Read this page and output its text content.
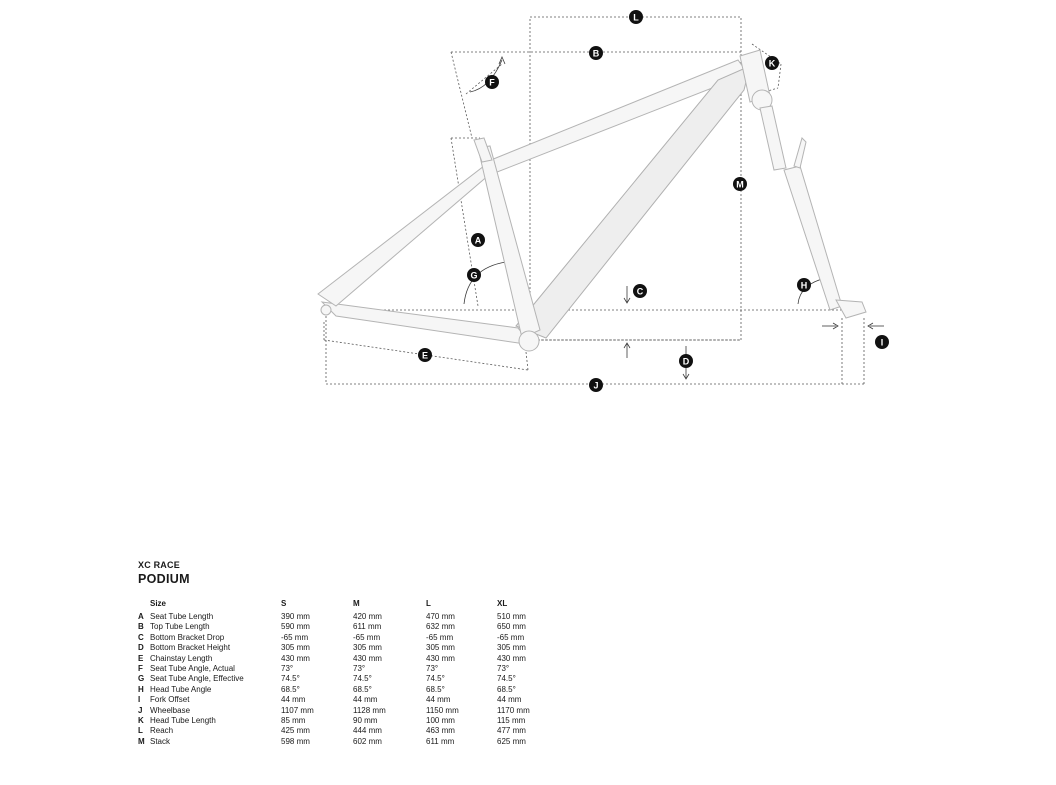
A
B
C
D
E
F
G
H
I
J
K
L
M
XC RACE
PODIUM
	Size	S	M	L	XL
A	Seat Tube Length	390 mm	420 mm	470 mm	510 mm
B	Top Tube Length	590 mm	611 mm	632 mm	650 mm
C	Bottom Bracket Drop	-65 mm	-65 mm	-65 mm	-65 mm
D	Bottom Bracket Height	305 mm	305 mm	305 mm	305 mm
E	Chainstay Length	430 mm	430 mm	430 mm	430 mm
F	Seat Tube Angle, Actual	73°	73°	73°	73°
G	Seat Tube Angle, Effective	74.5°	74.5°	74.5°	74.5°
H	Head Tube Angle	68.5°	68.5°	68.5°	68.5°
I	Fork Offset	44 mm	44 mm	44 mm	44 mm
J	Wheelbase	1107 mm	1128 mm	1150 mm	1170 mm
K	Head Tube Length	85 mm	90 mm	100 mm	115 mm
L	Reach	425 mm	444 mm	463 mm	477 mm
M	Stack	598 mm	602 mm	611 mm	625 mm
